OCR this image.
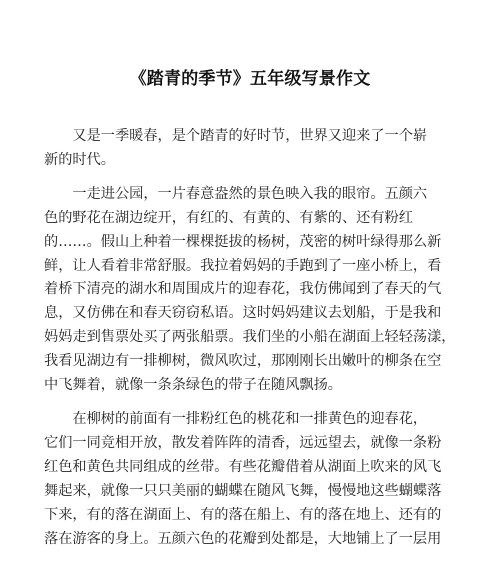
《踏青的季节》五年级写景作文
　　又是一季暖春，是个踏青的好时节，世界又迎来了一个崭
新的时代。
　　一走进公园，一片春意盎然的景色映入我的眼帘。五颜六
色的野花在湖边绽开，有红的、有黄的、有紫的、还有粉红
的……。假山上种着一棵棵挺拔的杨树，茂密的树叶绿得那么新
鲜，让人看着非常舒服。我拉着妈妈的手跑到了一座小桥上，看
着桥下清亮的湖水和周围成片的迎春花，我仿佛闻到了春天的气
息，又仿佛在和春天窃窃私语。这时妈妈建议去划船，于是我和
妈妈走到售票处买了两张船票。我们坐的小船在湖面上轻轻荡漾，
我看见湖边有一排柳树，微风吹过，那刚刚长出嫩叶的柳条在空
中飞舞着，就像一条条绿色的带子在随风飘扬。
　　在柳树的前面有一排粉红色的桃花和一排黄色的迎春花，
它们一同竞相开放，散发着阵阵的清香，远远望去，就像一条粉
红色和黄色共同组成的丝带。有些花瓣借着从湖面上吹来的风飞
舞起来，就像一只只美丽的蝴蝶在随风飞舞，慢慢地这些蝴蝶落
下来，有的落在湖面上、有的落在船上、有的落在地上、还有的
落在游客的身上。五颜六色的花瓣到处都是，大地铺上了一层用
